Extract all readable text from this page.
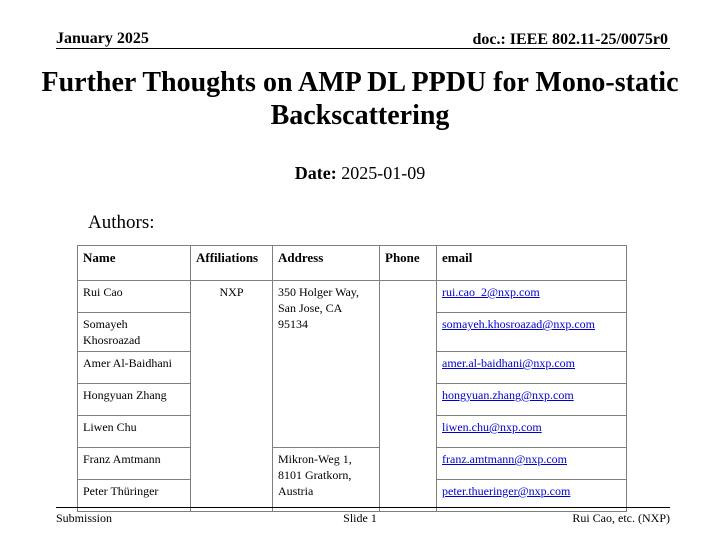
January 2025	doc.: IEEE 802.11-25/0075r0
Further Thoughts on AMP DL PPDU for Mono-static Backscattering
Date: 2025-01-09
Authors:
Name	Affiliations	Address	Phone	email
Rui Cao	NXP	350 Holger Way, San Jose, CA 95134		rui.cao_2@nxp.com
Somayeh Khosroazad				somayeh.khosroazad@nxp.com
Amer Al-Baidhani				amer.al-baidhani@nxp.com
Hongyuan Zhang				hongyuan.zhang@nxp.com
Liwen Chu				liwen.chu@nxp.com
Franz Amtmann		Mikron-Weg 1, 8101 Gratkorn, Austria		franz.amtmann@nxp.com
Peter Thüringer				peter.thueringer@nxp.com
Submission	Slide 1	Rui Cao, etc. (NXP)
